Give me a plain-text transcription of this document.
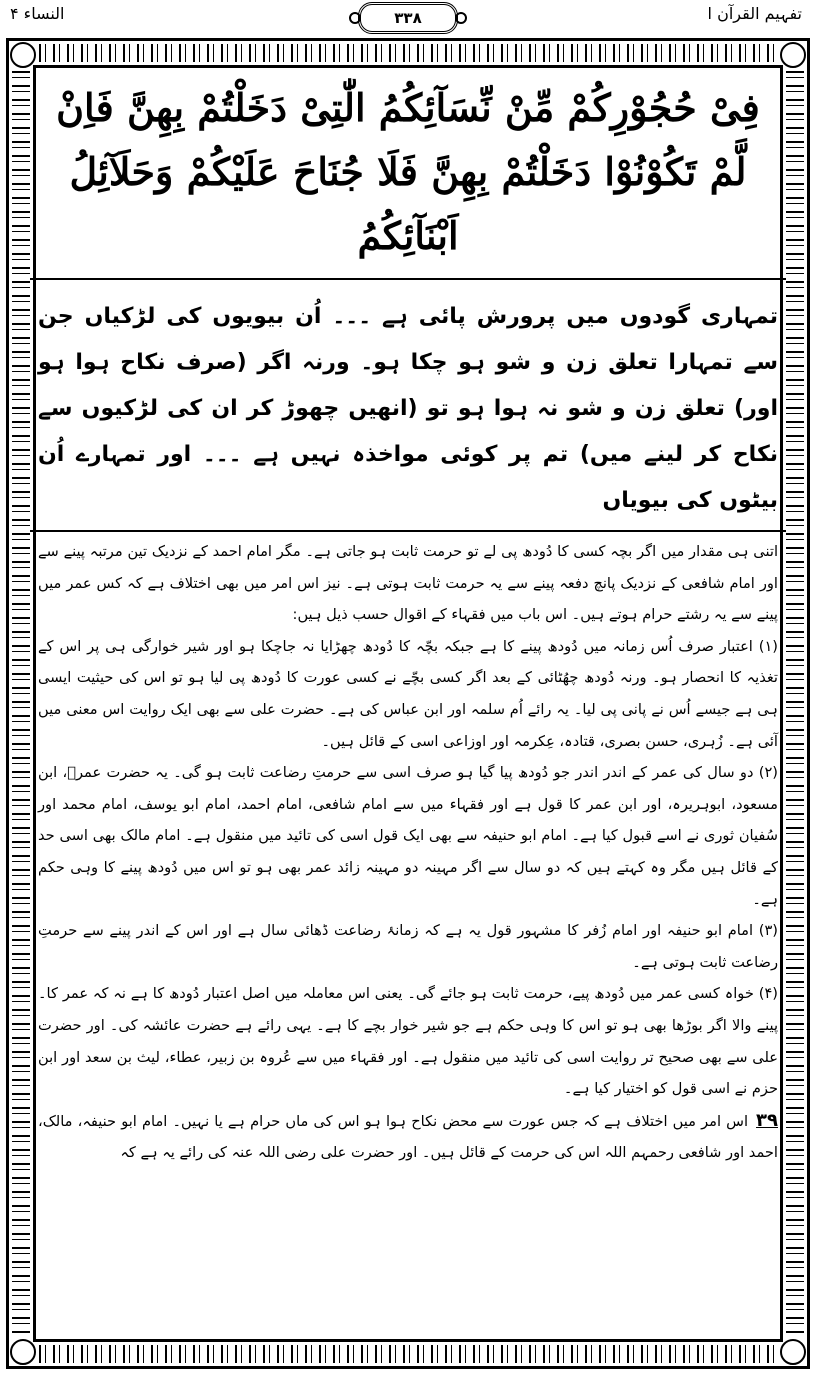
النساء ۴	۳۳۸	تفہیم القرآن ا
فِیْ حُجُوْرِكُمْ مِّنْ نِّسَآئِكُمُ الّٰتِیْ دَخَلْتُمْ بِهِنَّ فَاِنْ لَّمْ تَكُوْنُوْا دَخَلْتُمْ بِهِنَّ فَلَا جُنَاحَ عَلَیْكُمْ وَحَلَآئِلُ اَبْنَآئِكُمُ
تمہاری گودوں میں پرورش پائی ہے ۔۔۔ اُن بیویوں کی لڑکیاں جن سے تمہارا تعلق زن و شو ہو چکا ہو۔ ورنہ اگر (صرف نکاح ہوا ہو اور) تعلق زن و شو نہ ہوا ہو تو (انھیں چھوڑ کر ان کی لڑکیوں سے نکاح کر لینے میں) تم پر کوئی مواخذہ نہیں ہے ۔۔۔ اور تمہارے اُن بیٹوں کی بیویاں

اتنی ہی مقدار میں اگر بچہ کسی کا دُودھ پی لے تو حرمت ثابت ہو جاتی ہے۔ مگر امام احمد کے نزدیک تین مرتبہ پینے سے اور امام شافعی کے نزدیک پانچ دفعہ پینے سے یہ حرمت ثابت ہوتی ہے۔ نیز اس امر میں بھی اختلاف ہے کہ کس عمر میں پینے سے یہ رشتے حرام ہوتے ہیں۔ اس باب میں فقہاء کے اقوال حسب ذیل ہیں:

(۱) اعتبار صرف اُس زمانہ میں دُودھ پینے کا ہے جبکہ بچّہ کا دُودھ چھڑایا نہ جاچکا ہو اور شیر خوارگی ہی پر اس کے تغذیہ کا انحصار ہو۔ ورنہ دُودھ چھُٹائی کے بعد اگر کسی بچّے نے کسی عورت کا دُودھ پی لیا ہو تو اس کی حیثیت ایسی ہی ہے جیسے اُس نے پانی پی لیا۔ یہ رائے اُم سلمہ اور ابن عباس کی ہے۔ حضرت علی سے بھی ایک روایت اس معنی میں آئی ہے۔ زُہری، حسن بصری، قتادہ، عِکرمہ اور اوزاعی اسی کے قائل ہیں۔

(۲) دو سال کی عمر کے اندر اندر جو دُودھ پیا گیا ہو صرف اسی سے حرمتِ رضاعت ثابت ہو گی۔ یہ حضرت عمرؓ، ابن مسعود، ابوہریرہ، اور ابن عمر کا قول ہے اور فقہاء میں سے امام شافعی، امام احمد، امام ابو یوسف، امام محمد اور سُفیان ثوری نے اسے قبول کیا ہے۔ امام ابو حنیفہ سے بھی ایک قول اسی کی تائید میں منقول ہے۔ امام مالک بھی اسی حد کے قائل ہیں مگر وہ کہتے ہیں کہ دو سال سے اگر مہینہ دو مہینہ زائد عمر بھی ہو تو اس میں دُودھ پینے کا وہی حکم ہے۔

(۳) امام ابو حنیفہ اور امام زُفر کا مشہور قول یہ ہے کہ زمانۂ رضاعت ڈھائی سال ہے اور اس کے اندر پینے سے حرمتِ رضاعت ثابت ہوتی ہے۔

(۴) خواہ کسی عمر میں دُودھ پیے، حرمت ثابت ہو جائے گی۔ یعنی اس معاملہ میں اصل اعتبار دُودھ کا ہے نہ کہ عمر کا۔ پینے والا اگر بوڑھا بھی ہو تو اس کا وہی حکم ہے جو شیر خوار بچے کا ہے۔ یہی رائے ہے حضرت عائشہ کی۔ اور حضرت علی سے بھی صحیح تر روایت اسی کی تائید میں منقول ہے۔ اور فقہاء میں سے عُروہ بن زبیر، عطاء، لیث بن سعد اور ابن حزم نے اسی قول کو اختیار کیا ہے۔

۳۹اس امر میں اختلاف ہے کہ جس عورت سے محض نکاح ہوا ہو اس کی ماں حرام ہے یا نہیں۔ امام ابو حنیفہ، مالک، احمد اور شافعی رحمہم اللہ اس کی حرمت کے قائل ہیں۔ اور حضرت علی رضی اللہ عنہ کی رائے یہ ہے کہ
